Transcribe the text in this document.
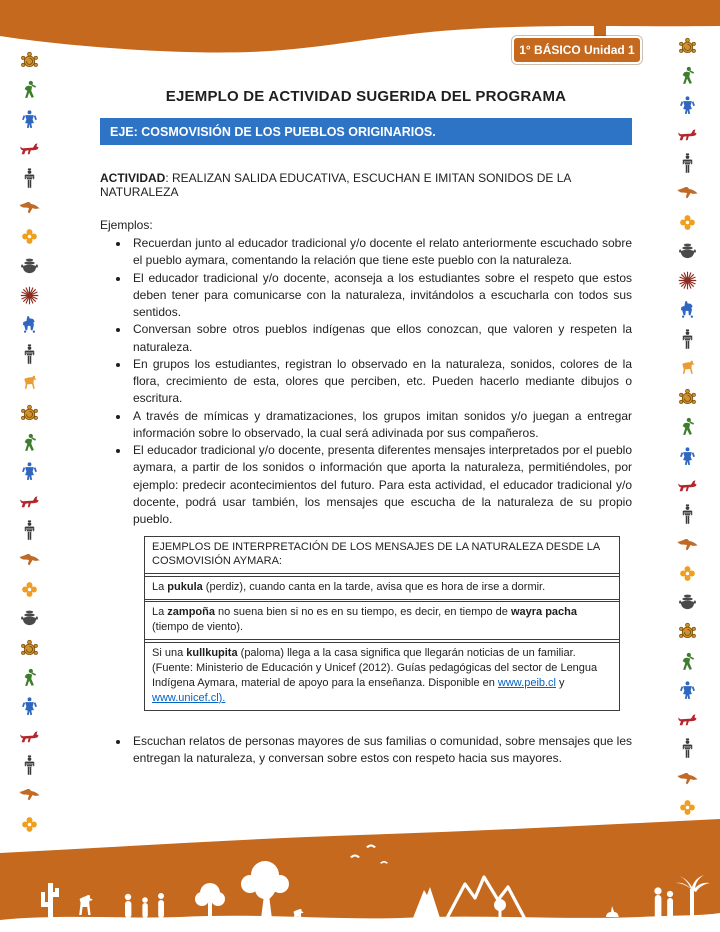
1° BÁSICO Unidad 1
EJEMPLO DE ACTIVIDAD SUGERIDA DEL PROGRAMA
EJE: COSMOVISIÓN DE LOS PUEBLOS ORIGINARIOS.

ACTIVIDAD: REALIZAN SALIDA EDUCATIVA, ESCUCHAN E IMITAN SONIDOS DE LA NATURALEZA

Ejemplos:

• Recuerdan junto al educador tradicional y/o docente el relato anteriormente escuchado sobre el pueblo aymara, comentando la relación que tiene este pueblo con la naturaleza.
• El educador tradicional y/o docente, aconseja a los estudiantes sobre el respeto que estos deben tener para comunicarse con la naturaleza, invitándolos a escucharla con todos sus sentidos.
• Conversan sobre otros pueblos indígenas que ellos conozcan, que valoren y respeten la naturaleza.
• En grupos los estudiantes, registran lo observado en la naturaleza, sonidos, colores de la flora, crecimiento de esta, olores que perciben, etc. Pueden hacerlo mediante dibujos o escritura.
• A través de mímicas y dramatizaciones, los grupos imitan sonidos y/o juegan a entregar información sobre lo observado, la cual será adivinada por sus compañeros.
• El educador tradicional y/o docente, presenta diferentes mensajes interpretados por el pueblo aymara, a partir de los sonidos o información que aporta la naturaleza, permitiéndoles, por ejemplo: predecir acontecimientos del futuro. Para esta actividad, el educador tradicional y/o docente, podrá usar también, los mensajes que escucha de la naturaleza de su propio pueblo.
EJEMPLOS DE INTERPRETACIÓN DE LOS MENSAJES DE LA NATURALEZA DESDE LA COSMOVISIÓN AYMARA:
La pukula (perdiz), cuando canta en la tarde, avisa que es hora de irse a dormir.
La zampoña no suena bien si no es en su tiempo, es decir, en tiempo de wayra pacha (tiempo de viento).
Si una kullkupita (paloma) llega a la casa significa que llegarán noticias de un familiar. (Fuente: Ministerio de Educación y Unicef (2012). Guías pedagógicas del sector de Lengua Indígena Aymara, material de apoyo para la enseñanza. Disponible en www.peib.cl y www.unicef.cl).
• Escuchan relatos de personas mayores de sus familias o comunidad, sobre mensajes que les entregan la naturaleza, y conversan sobre estos con respeto hacia sus mayores.
